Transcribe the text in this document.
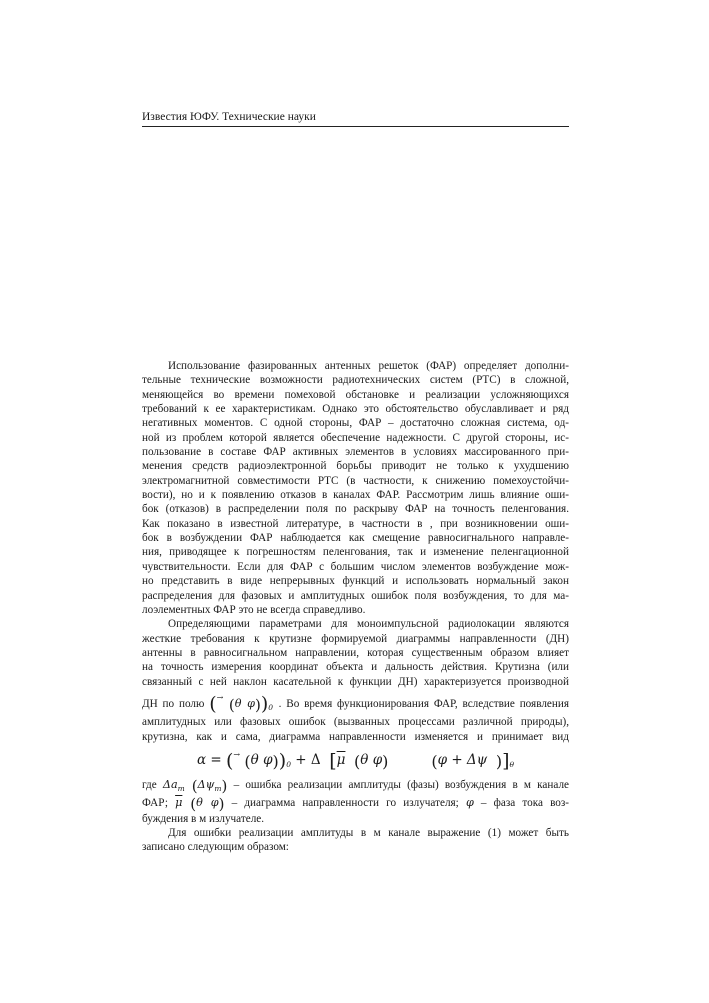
Известия ЮФУ. Технические науки

Использование фазированных антенных решеток (ФАР) определяет дополни-
тельные технические возможности радиотехнических систем (РТС) в сложной,
меняющейся во времени помеховой обстановке и реализации усложняющихся
требований к ее характеристикам. Однако это обстоятельство обуславливает и ряд
негативных моментов. С одной стороны, ФАР – достаточно сложная система, од-
ной из проблем которой является обеспечение надежности. С другой стороны, ис-
пользование в составе ФАР активных элементов в условиях массированного при-
менения средств радиоэлектронной борьбы приводит не только к ухудшению
электромагнитной совместимости РТС (в частности, к снижению помехоустойчи-
вости), но и к появлению отказов в каналах ФАР. Рассмотрим лишь влияние оши-
бок (отказов) в распределении поля по раскрыву ФАР на точность пеленгования.
Как показано в известной литературе, в частности в , при возникновении оши-
бок в возбуждении ФАР наблюдается как смещение равносигнального направле-
ния, приводящее к погрешностям пеленгования, так и изменение пеленгационной
чувствительности. Если для ФАР с большим числом элементов возбуждение мож-
но представить в виде непрерывных функций и использовать нормальный закон
распределения для фазовых и амплитудных ошибок поля возбуждения, то для ма-
лоэлементных ФАР это не всегда справедливо.

Определяющими параметрами для моноимпульсной радиолокации являются
жесткие требования к крутизне формируемой диаграммы направленности (ДН)
антенны в равносигнальном направлении, которая существенным образом влияет
на точность измерения координат объекта и дальность действия. Крутизна (или
связанный с ней наклон касательной к функции ДН) характеризуется производной

ДН по полю (→ (θ $\varphi))_0$ . Во время функционирования ФАР, вследствие появления

амплитудных или фазовых ошибок (вызванных процессами различной природы),
крутизна, как и сама, диаграмма направленности изменяется и принимает вид

α = (→ (θ $\varphi))_0 + \Delta$ [$\overline{\mu}$ (θ φ)	(φ + Δψ )]$_\theta$

где $\Delta a_m$ $(\Delta\psi_m)$ – ошибка реализации амплитуды (фазы) возбуждения в м канале

ФАР; $\overline{\mu}$ (θ φ) – диаграмма направленности го излучателя; φ – фаза тока воз-

буждения в м излучателе.

Для ошибки реализации амплитуды в м канале выражение (1) может быть
записано следующим образом:
